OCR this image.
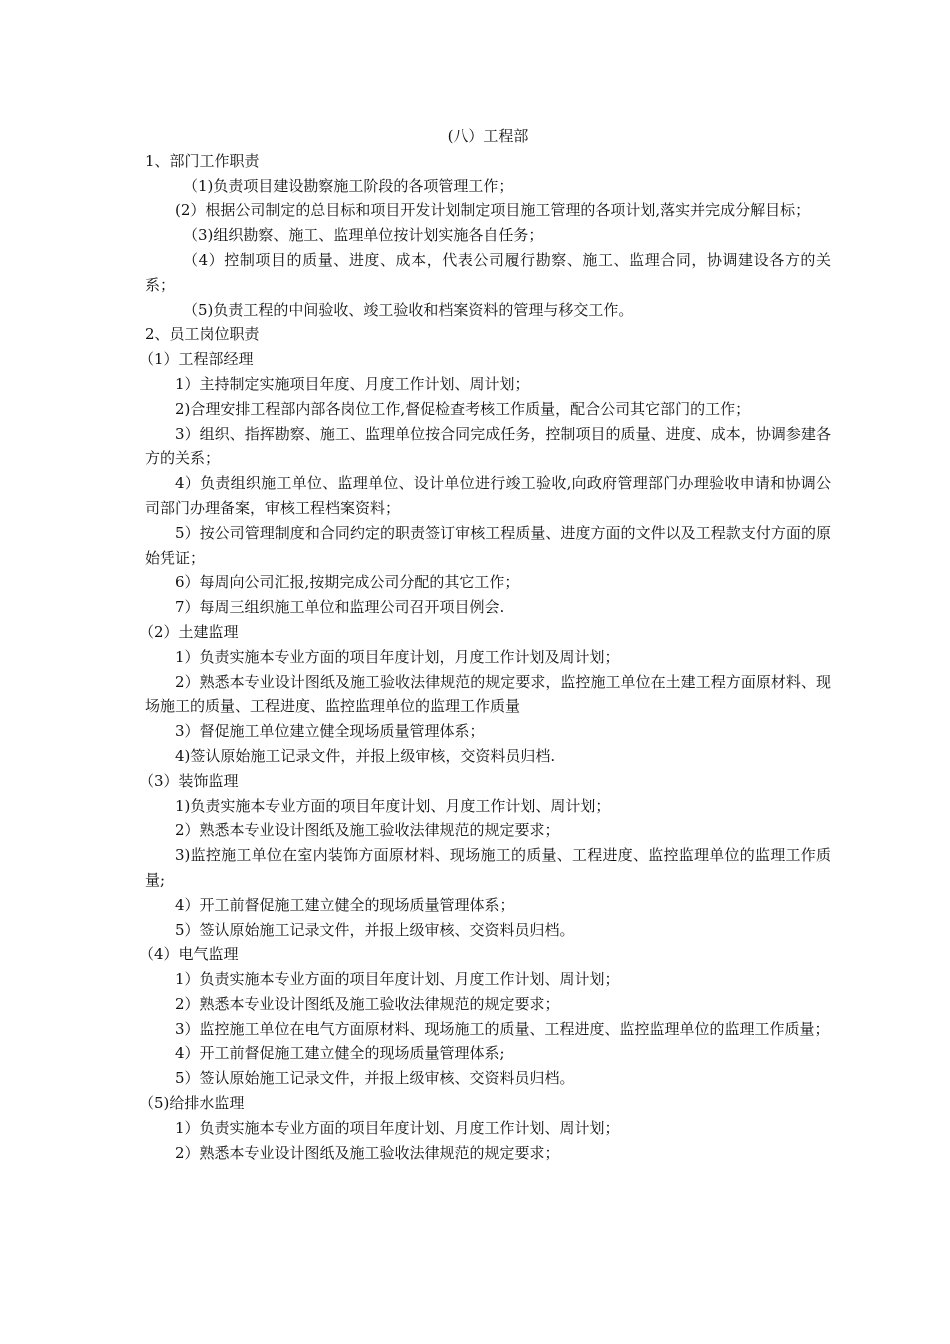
(八）工程部

1、部门工作职责

（1)负责项目建设勘察施工阶段的各项管理工作；

(2）根据公司制定的总目标和项目开发计划制定项目施工管理的各项计划,落实并完成分解目标；

（3)组织勘察、施工、监理单位按计划实施各自任务；

（4）控制项目的质量、进度、成本，代表公司履行勘察、施工、监理合同，协调建设各方的关系；

（5)负责工程的中间验收、竣工验收和档案资料的管理与移交工作。

2、员工岗位职责

（1）工程部经理

1）主持制定实施项目年度、月度工作计划、周计划；

2)合理安排工程部内部各岗位工作,督促检查考核工作质量，配合公司其它部门的工作；

3）组织、指挥勘察、施工、监理单位按合同完成任务，控制项目的质量、进度、成本，协调参建各方的关系；

4）负责组织施工单位、监理单位、设计单位进行竣工验收,向政府管理部门办理验收申请和协调公司部门办理备案，审核工程档案资料；

5）按公司管理制度和合同约定的职责签订审核工程质量、进度方面的文件以及工程款支付方面的原始凭证；

6）每周向公司汇报,按期完成公司分配的其它工作；

7）每周三组织施工单位和监理公司召开项目例会.

（2）土建监理

1）负责实施本专业方面的项目年度计划，月度工作计划及周计划；

2）熟悉本专业设计图纸及施工验收法律规范的规定要求，监控施工单位在土建工程方面原材料、现场施工的质量、工程进度、监控监理单位的监理工作质量

3）督促施工单位建立健全现场质量管理体系；

4)签认原始施工记录文件，并报上级审核，交资料员归档.

（3）装饰监理

1)负责实施本专业方面的项目年度计划、月度工作计划、周计划；

2）熟悉本专业设计图纸及施工验收法律规范的规定要求；

3)监控施工单位在室内装饰方面原材料、现场施工的质量、工程进度、监控监理单位的监理工作质量;

4）开工前督促施工建立健全的现场质量管理体系；

5）签认原始施工记录文件，并报上级审核、交资料员归档。

（4）电气监理

1）负责实施本专业方面的项目年度计划、月度工作计划、周计划；

2）熟悉本专业设计图纸及施工验收法律规范的规定要求；

3）监控施工单位在电气方面原材料、现场施工的质量、工程进度、监控监理单位的监理工作质量；

4）开工前督促施工建立健全的现场质量管理体系;

5）签认原始施工记录文件，并报上级审核、交资料员归档。

（5)给排水监理

1）负责实施本专业方面的项目年度计划、月度工作计划、周计划；

2）熟悉本专业设计图纸及施工验收法律规范的规定要求；
